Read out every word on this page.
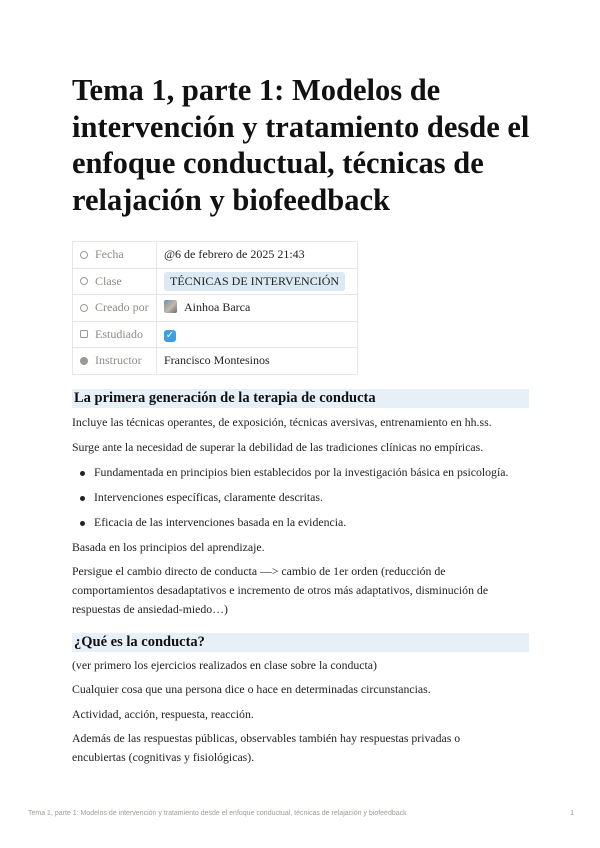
Tema 1, parte 1: Modelos de intervención y tratamiento desde el enfoque conductual, técnicas de relajación y biofeedback
Fecha	@6 de febrero de 2025 21:43

Clase	TÉCNICAS DE INTERVENCIÓN

Creado por	Ainhoa Barca

Estudiado	✓

Instructor	Francisco Montesinos
La primera generación de la terapia de conducta

Incluye las técnicas operantes, de exposición, técnicas aversivas, entrenamiento en hh.ss.

Surge ante la necesidad de superar la debilidad de las tradiciones clínicas no empíricas.

Fundamentada en principios bien establecidos por la investigación básica en psicología.
Intervenciones específicas, claramente descritas.
Eficacia de las intervenciones basada en la evidencia.

Basada en los principios del aprendizaje.

Persigue el cambio directo de conducta —> cambio de 1er orden (reducción de

comportamientos desadaptativos e incremento de otros más adaptativos, disminución de

respuestas de ansiedad-miedo…)

¿Qué es la conducta?

(ver primero los ejercicios realizados en clase sobre la conducta)

Cualquier cosa que una persona dice o hace en determinadas circunstancias.

Actividad, acción, respuesta, reacción.

Además de las respuestas públicas, observables también hay respuestas privadas o

encubiertas (cognitivas y fisiológicas).

Tema 1, parte 1: Modelos de intervención y tratamiento desde el enfoque conductual, técnicas de relajación y biofeedback	1
